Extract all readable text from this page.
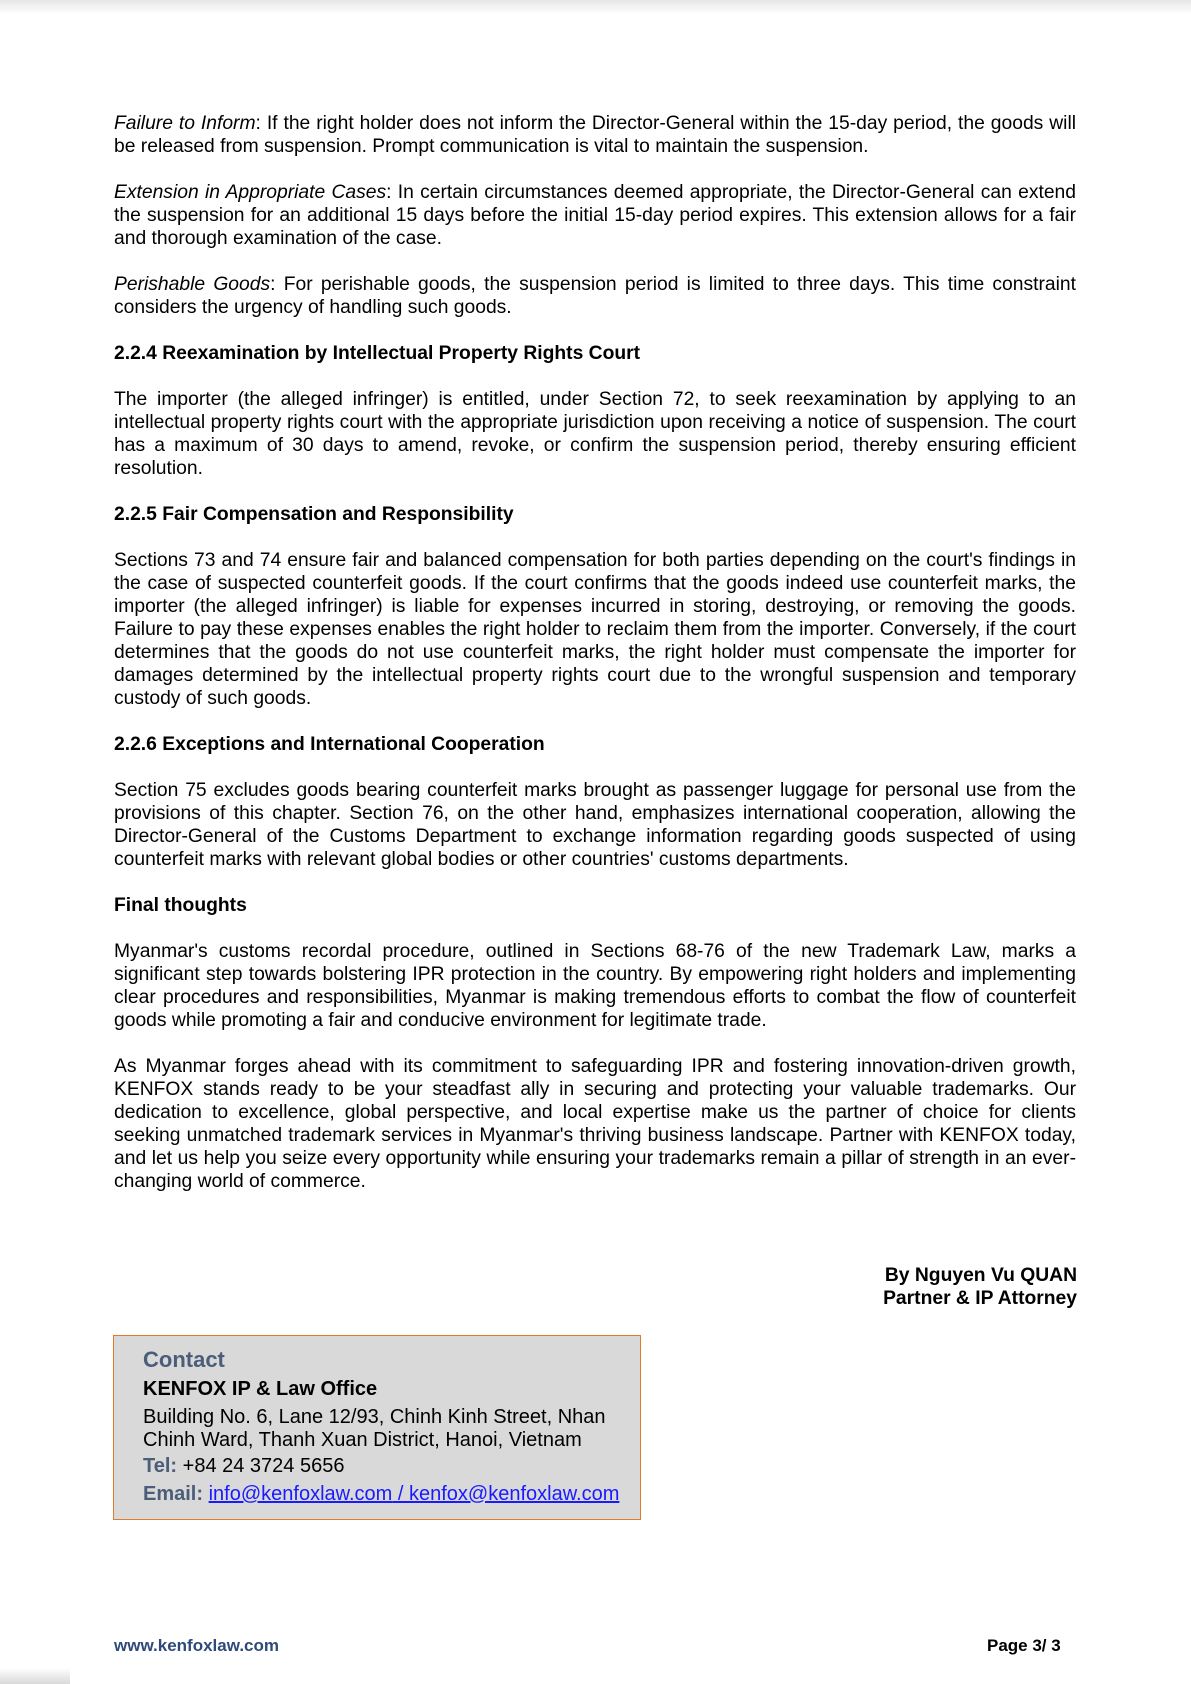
Failure to Inform: If the right holder does not inform the Director-General within the 15-day period, the goods will be released from suspension. Prompt communication is vital to maintain the suspension.

Extension in Appropriate Cases: In certain circumstances deemed appropriate, the Director-General can extend the suspension for an additional 15 days before the initial 15-day period expires. This extension allows for a fair and thorough examination of the case.

Perishable Goods: For perishable goods, the suspension period is limited to three days. This time constraint considers the urgency of handling such goods.

2.2.4 Reexamination by Intellectual Property Rights Court

The importer (the alleged infringer) is entitled, under Section 72, to seek reexamination by applying to an intellectual property rights court with the appropriate jurisdiction upon receiving a notice of suspension. The court has a maximum of 30 days to amend, revoke, or confirm the suspension period, thereby ensuring efficient resolution.

2.2.5 Fair Compensation and Responsibility

Sections 73 and 74 ensure fair and balanced compensation for both parties depending on the court's findings in the case of suspected counterfeit goods. If the court confirms that the goods indeed use counterfeit marks, the importer (the alleged infringer) is liable for expenses incurred in storing, destroying, or removing the goods. Failure to pay these expenses enables the right holder to reclaim them from the importer. Conversely, if the court determines that the goods do not use counterfeit marks, the right holder must compensate the importer for damages determined by the intellectual property rights court due to the wrongful suspension and temporary custody of such goods.

2.2.6 Exceptions and International Cooperation

Section 75 excludes goods bearing counterfeit marks brought as passenger luggage for personal use from the provisions of this chapter. Section 76, on the other hand, emphasizes international cooperation, allowing the Director-General of the Customs Department to exchange information regarding goods suspected of using counterfeit marks with relevant global bodies or other countries' customs departments.

Final thoughts

Myanmar's customs recordal procedure, outlined in Sections 68-76 of the new Trademark Law, marks a significant step towards bolstering IPR protection in the country. By empowering right holders and implementing clear procedures and responsibilities, Myanmar is making tremendous efforts to combat the flow of counterfeit goods while promoting a fair and conducive environment for legitimate trade.

As Myanmar forges ahead with its commitment to safeguarding IPR and fostering innovation-driven growth, KENFOX stands ready to be your steadfast ally in securing and protecting your valuable trademarks. Our dedication to excellence, global perspective, and local expertise make us the partner of choice for clients seeking unmatched trademark services in Myanmar's thriving business landscape. Partner with KENFOX today, and let us help you seize every opportunity while ensuring your trademarks remain a pillar of strength in an ever-changing world of commerce.

By Nguyen Vu QUAN
Partner & IP Attorney
Contact
KENFOX IP & Law Office
Building No. 6, Lane 12/93, Chinh Kinh Street, Nhan Chinh Ward, Thanh Xuan District, Hanoi, Vietnam
Tel: +84 24 3724 5656
Email: info@kenfoxlaw.com / kenfox@kenfoxlaw.com
www.kenfoxlaw.com	Page 3/ 3
